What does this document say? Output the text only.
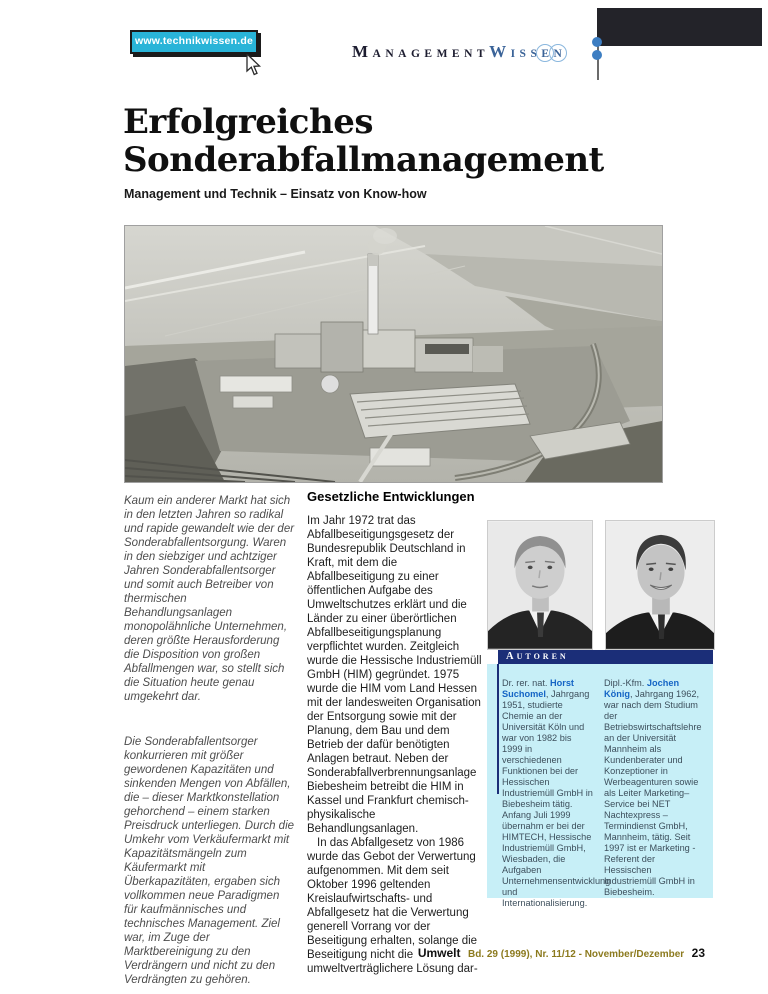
www.technikwissen.de
MANAGEMENTWISSEN
Erfolgreiches
Sonderabfallmanagement
Management und Technik – Einsatz von Know-how

Kaum ein anderer Markt hat sich in den letzten Jahren so radikal und rapide gewandelt wie der der Sonderabfallentsorgung. Waren in den siebziger und achtziger Jahren Sonderabfallentsorger und somit auch Betreiber von thermischen Behandlungsanlagen monopolähnliche Unternehmen, deren größte Herausforderung die Disposition von großen Abfallmengen war, so stellt sich die Situation heute genau umgekehrt dar.

Die Sonderabfallentsorger konkurrieren mit größer gewordenen Kapazitäten und sinkenden Mengen von Abfällen, die – dieser Marktkonstellation gehorchend – einem starken Preisdruck unterliegen. Durch die Umkehr vom Verkäufermarkt mit Kapazitätsmängeln zum Käufermarkt mit Überkapazitäten, ergaben sich vollkommen neue Paradigmen für kaufmännisches und technisches Management. Ziel war, im Zuge der Marktbereinigung zu den Verdrängern und nicht zu den Verdrängten zu gehören.

Gesetzliche Entwicklungen

Im Jahr 1972 trat das Abfallbeseitigungsgesetz der Bundesrepublik Deutschland in Kraft, mit dem die Abfallbeseitigung zu einer öffentlichen Aufgabe des Umweltschutzes erklärt und die Länder zu einer überörtlichen Abfallbeseitigungsplanung verpflichtet wurden. Zeitgleich wurde die Hessische Industriemüll GmbH (HIM) gegründet. 1975 wurde die HIM vom Land Hessen mit der landesweiten Organisation der Entsorgung sowie mit der Planung, dem Bau und dem Betrieb der dafür benötigten Anlagen betraut. Neben der Sonderabfallverbrennungsanlage Biebesheim betreibt die HIM in Kassel und Frankfurt chemisch-physikalische Behandlungsanlagen.

In das Abfallgesetz von 1986 wurde das Gebot der Verwertung aufgenommen. Mit dem seit Oktober 1996 geltenden Kreislaufwirtschafts- und Abfallgesetz hat die Verwertung generell Vorrang vor der Beseitigung erhalten, solange die Beseitigung nicht die umweltverträglichere Lösung dar-

AUTOREN
Dr. rer. nat. Horst Suchomel, Jahrgang 1951, studierte Chemie an der Universität Köln und war von 1982 bis 1999 in verschiedenen Funktionen bei der Hessischen Industriemüll GmbH in Biebesheim tätig. Anfang Juli 1999 übernahm er bei der HIMTECH, Hessische Industriemüll GmbH, Wiesbaden, die Aufgaben Unternehmensentwicklung und Internationalisierung.
Dipl.-Kfm. Jochen König, Jahrgang 1962, war nach dem Studium der Betriebswirtschaftslehre an der Universität Mannheim als Kundenberater und Konzeptioner in Werbeagenturen sowie als Leiter Marketing–Service bei NET Nachtexpress – Termindienst GmbH, Mannheim, tätig. Seit 1997 ist er Marketing - Referent der Hessischen Industriemüll GmbH in Biebesheim.
Umwelt Bd. 29 (1999), Nr. 11/12 - November/Dezember 23
